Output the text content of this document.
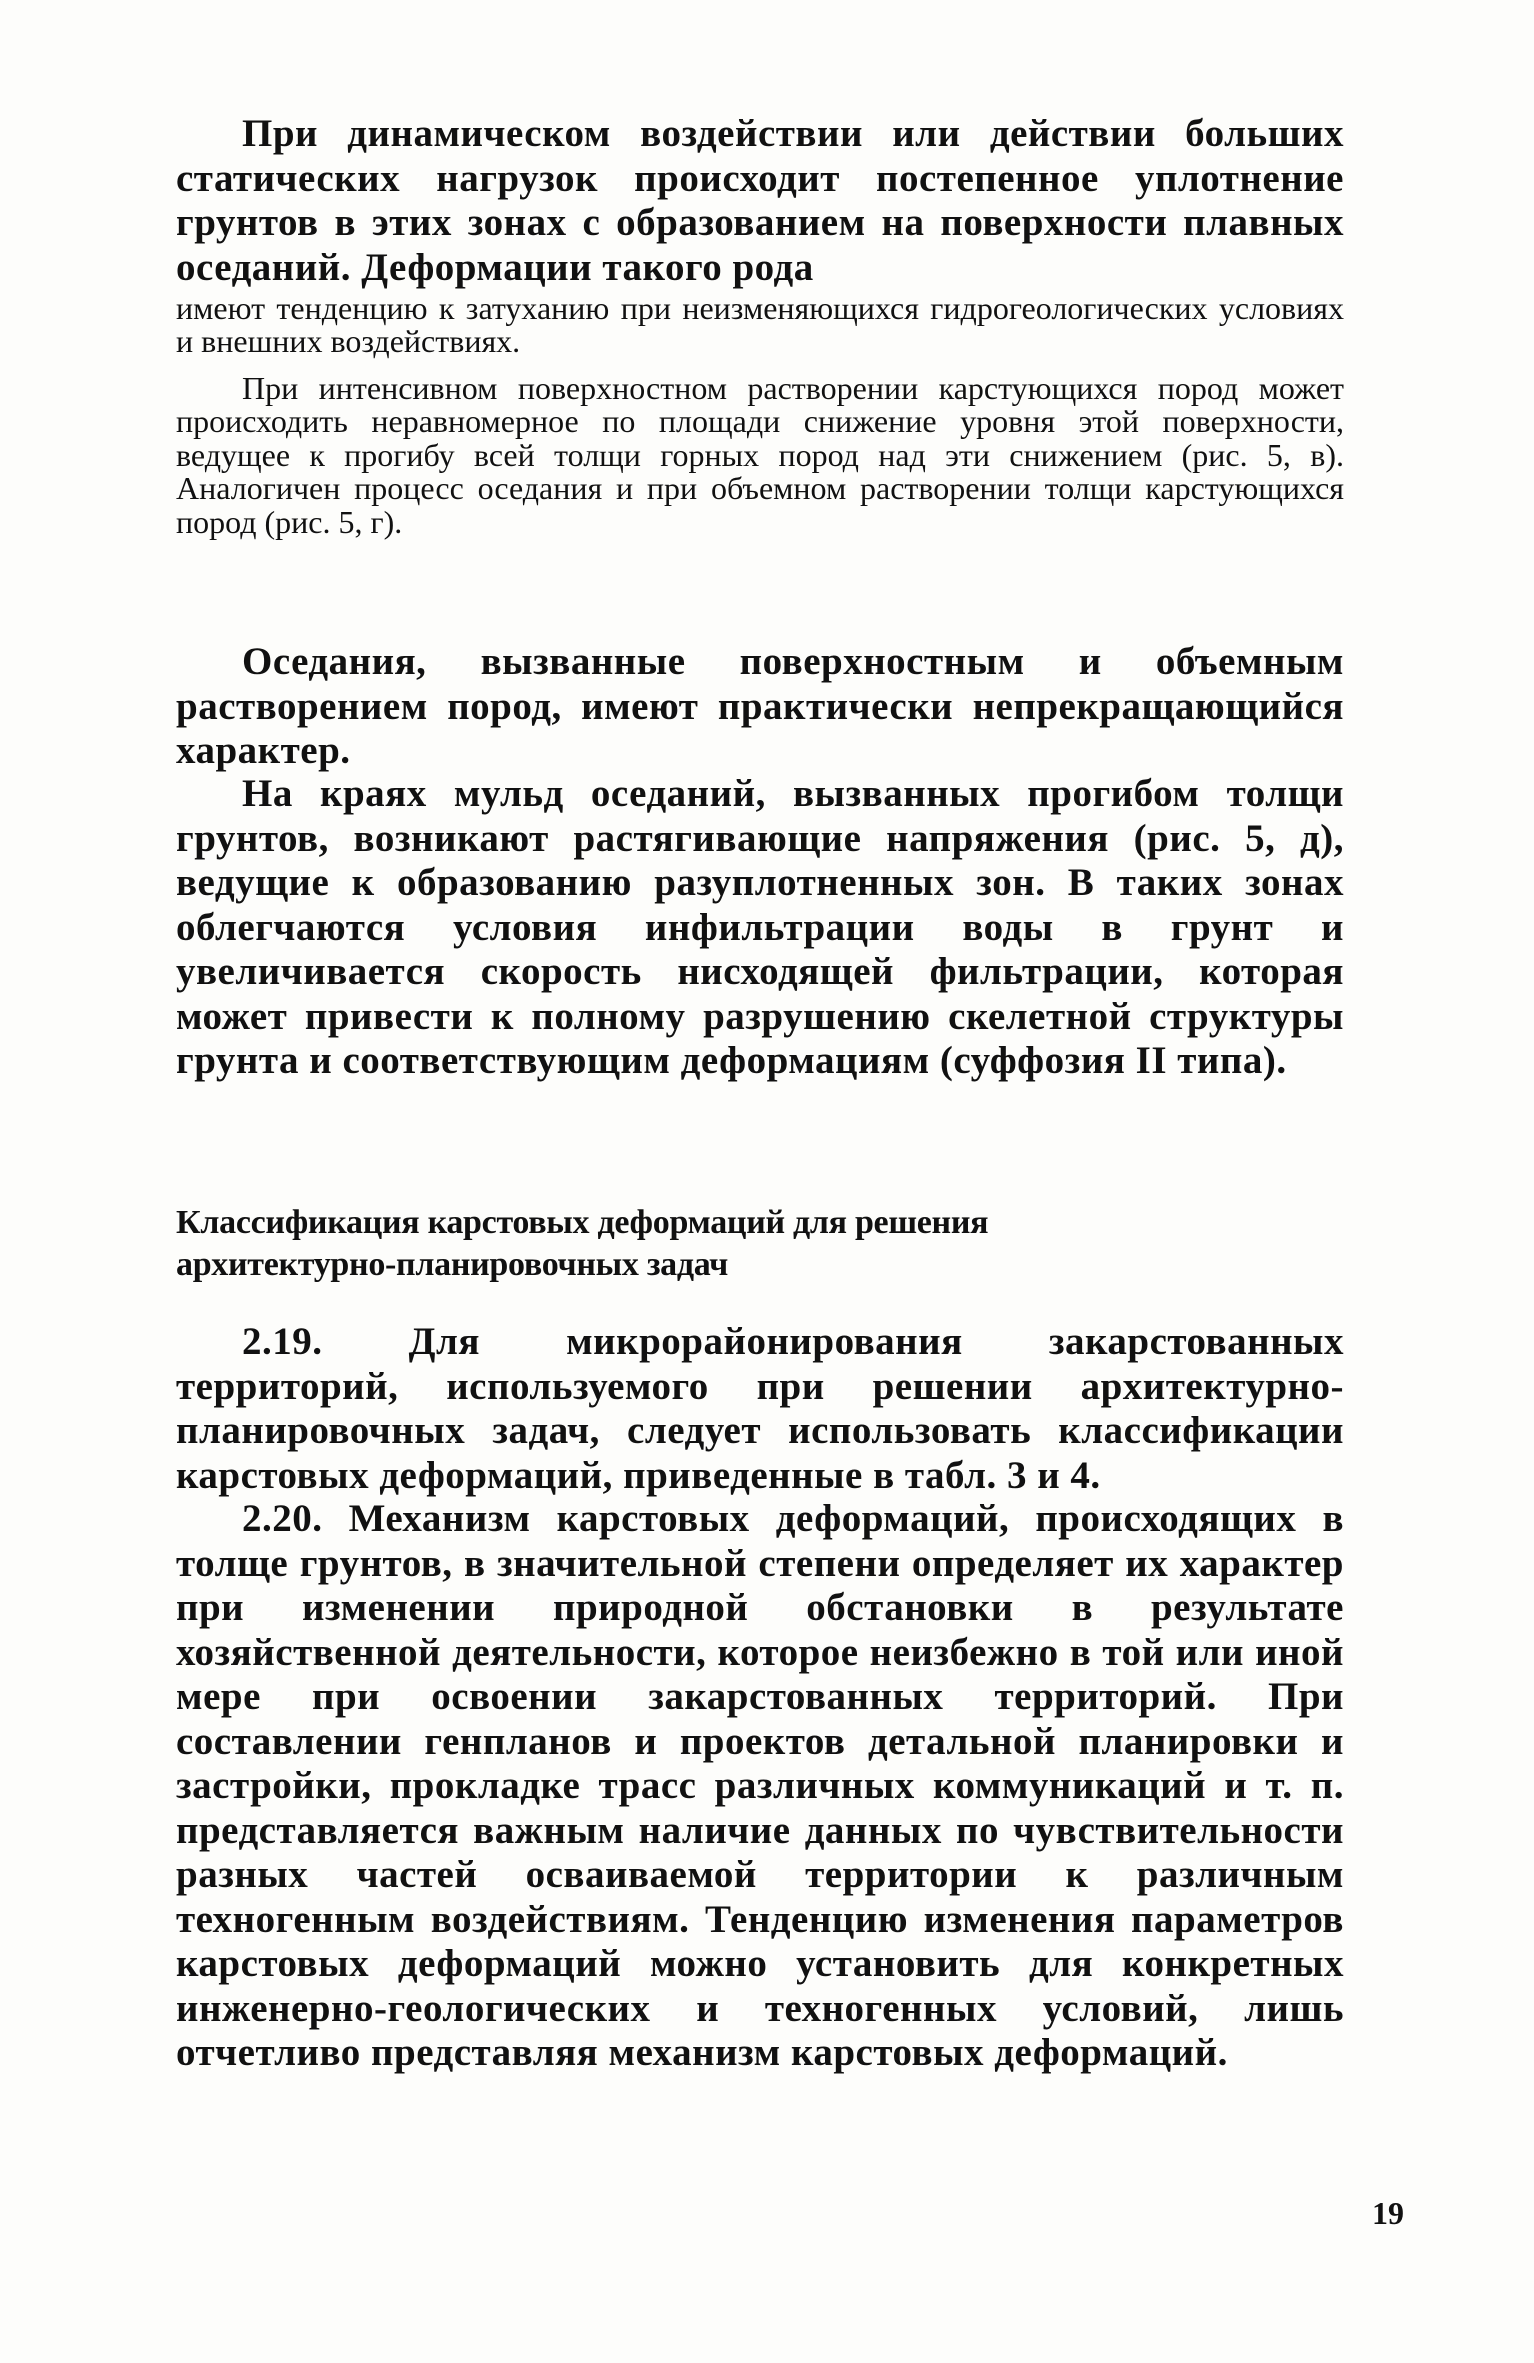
При динамическом воздействии или действии больших статических нагрузок происходит постепенное уплотнение грунтов в этих зонах с образованием на поверхности плавных оседаний. Деформации такого рода

имеют тенденцию к затуханию при неизменяющихся гидрогеологических условиях и внешних воздействиях.

При интенсивном поверхностном растворении карстующихся пород может происходить неравномерное по площади снижение уровня этой поверхности, ведущее к прогибу всей толщи горных пород над эти снижением (рис. 5, в). Аналогичен процесс оседания и при объемном растворении толщи карстующихся пород (рис. 5, г).

Оседания, вызванные поверхностным и объемным растворением пород, имеют практически непрекращающийся характер.

На краях мульд оседаний, вызванных прогибом толщи грунтов, возникают растягивающие напряжения (рис. 5, д), ведущие к образованию разуплотненных зон. В таких зонах облегчаются условия инфильтрации воды в грунт и увеличивается скорость нисходящей фильтрации, которая может привести к полному разрушению скелетной структуры грунта и соответствующим деформациям (суффозия II типа).

Классификация карстовых деформаций для решения

архитектурно-планировочных задач

2.19. Для микрорайонирования закарстованных территорий, используемого при решении архитектурно-планировочных задач, следует использовать классификации карстовых деформаций, приведенные в табл. 3 и 4.

2.20. Механизм карстовых деформаций, происходящих в толще грунтов, в значительной степени определяет их характер при изменении природной обстановки в результате хозяйственной деятельности, которое неизбежно в той или иной мере при освоении закарстованных территорий. При составлении генпланов и проектов детальной планировки и застройки, прокладке трасс различных коммуникаций и т. п. представляется важным наличие данных по чувствительности разных частей осваиваемой территории к различным техногенным воздействиям. Тенденцию изменения параметров карстовых деформаций можно установить для конкретных инженерно-геологических и техногенных условий, лишь отчетливо представляя механизм карстовых деформаций.

19
